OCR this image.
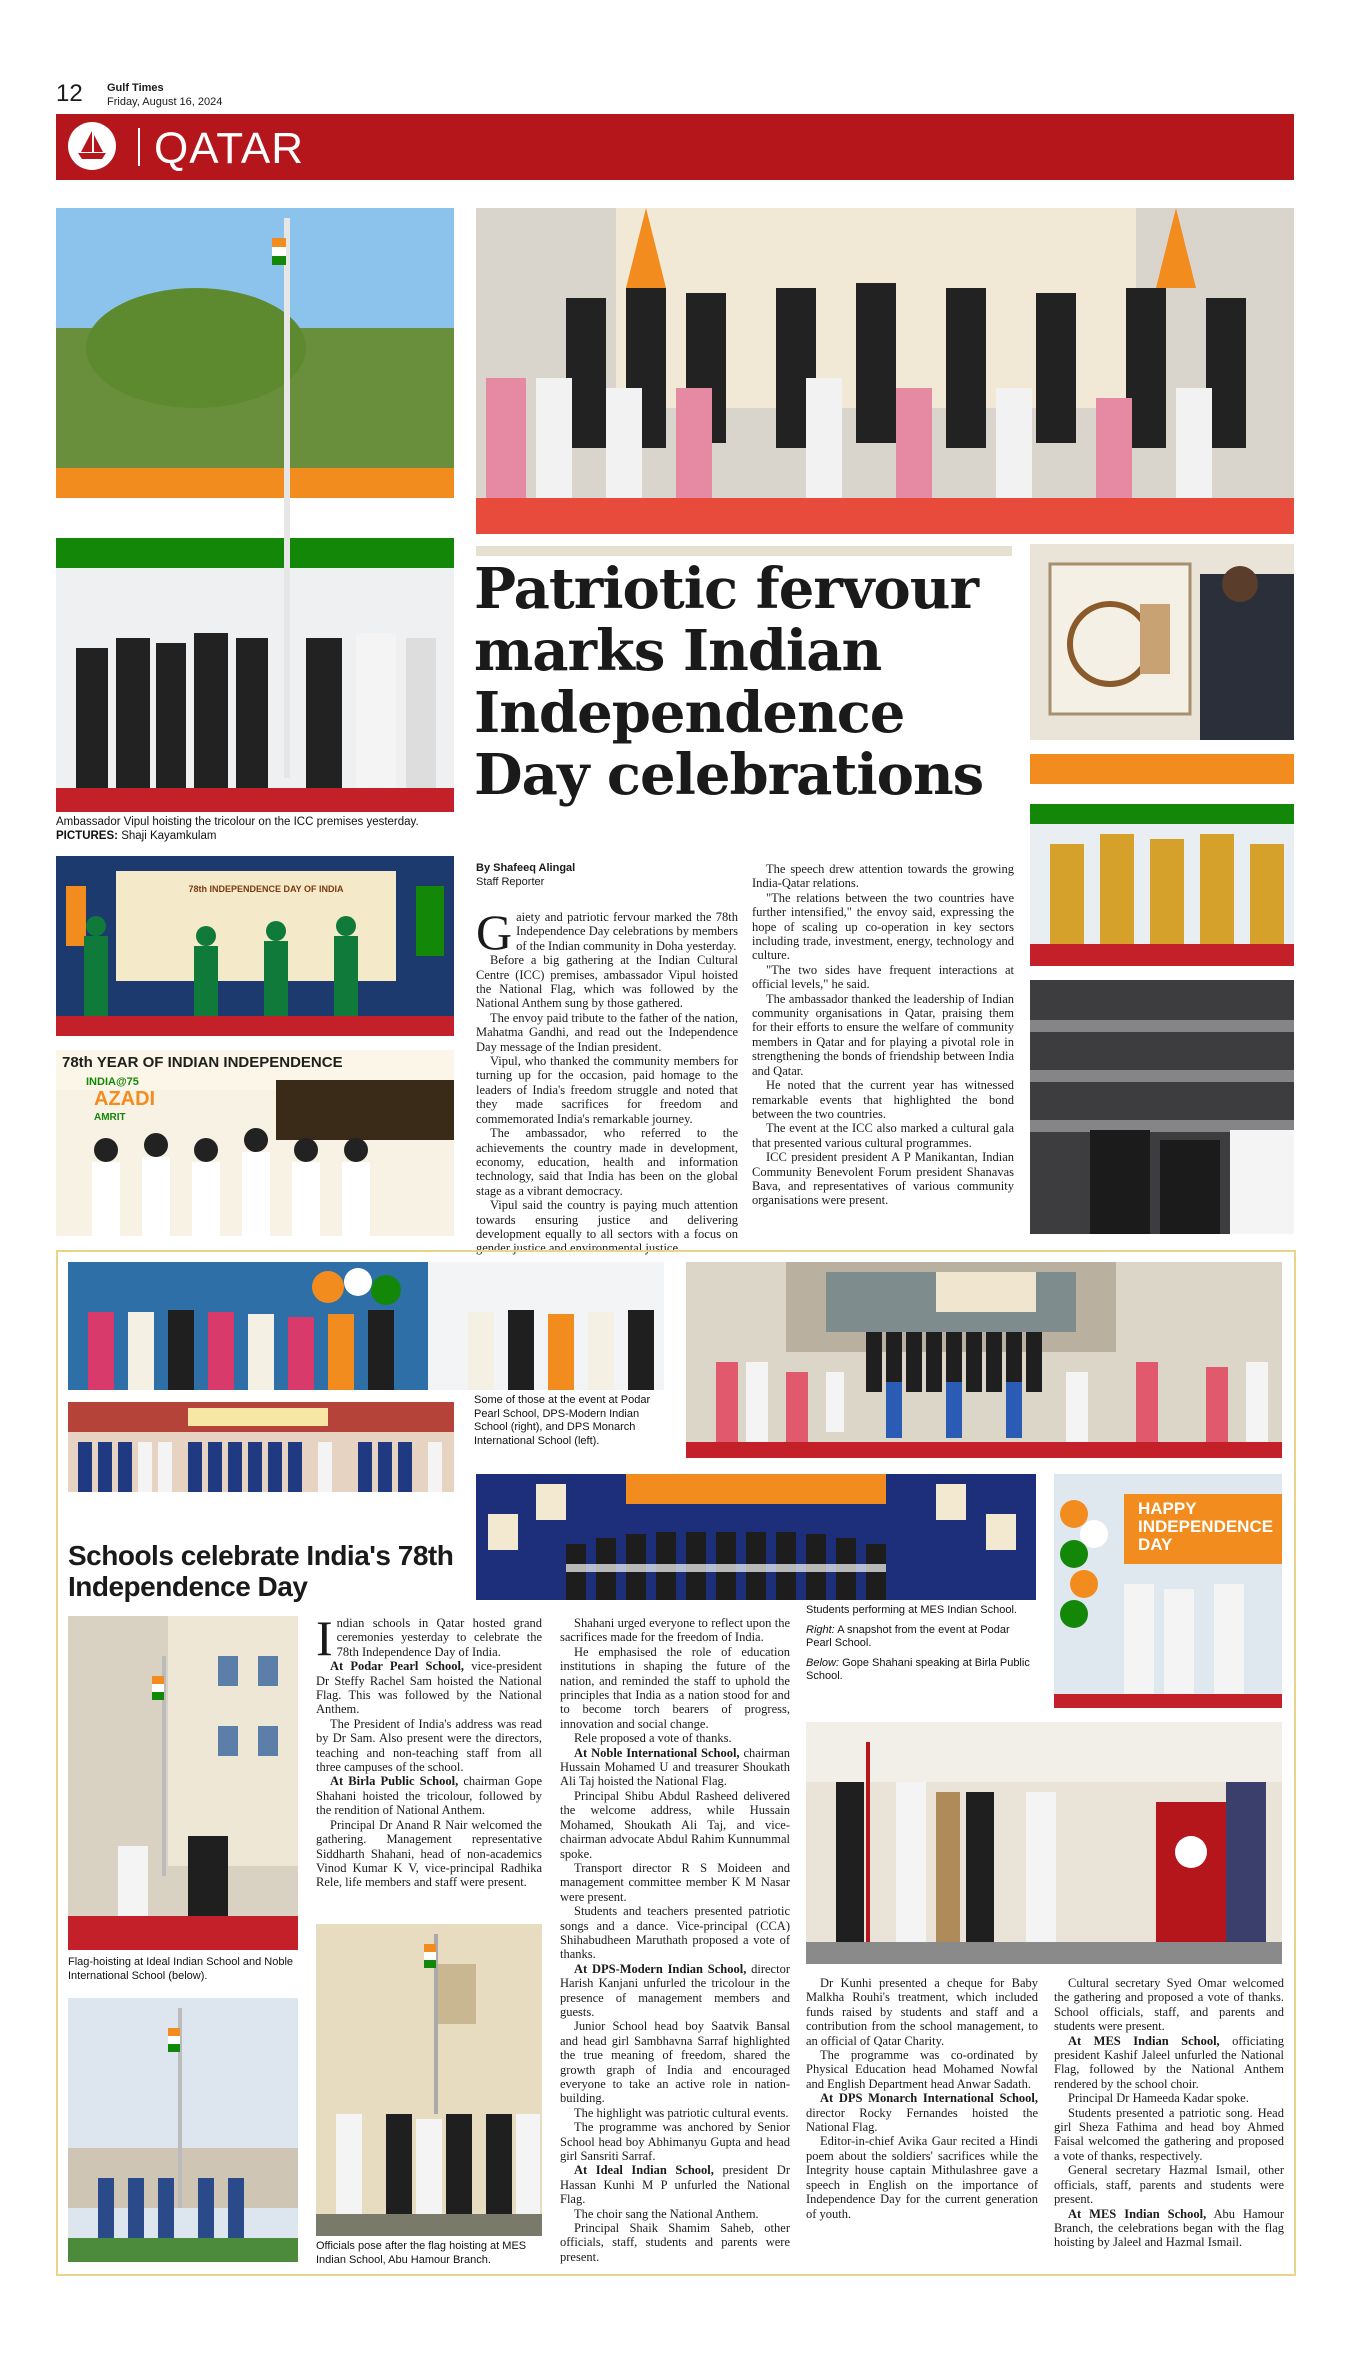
12 Gulf Times
Friday, August 16, 2024
QATAR
Ambassador Vipul hoisting the tricolour on the ICC premises yesterday.
PICTURES: Shaji Kayamkulam
78th INDEPENDENCE DAY OF INDIA
78th YEAR OF INDIAN INDEPENDENCE
INDIA@75
AZADI
AMRIT
Patriotic fervour marks Indian Independence Day celebrations
By Shafeeq Alingal
Staff Reporter

Gaiety and patriotic fervour marked the 78th Independence Day celebrations by members of the Indian community in Doha yesterday.

Before a big gathering at the Indian Cultural Centre (ICC) premises, ambassador Vipul hoisted the National Flag, which was followed by the National Anthem sung by those gathered.

The envoy paid tribute to the father of the nation, Mahatma Gandhi, and read out the Independence Day message of the Indian president.

Vipul, who thanked the community members for turning up for the occasion, paid homage to the leaders of India's freedom struggle and noted that they made sacrifices for freedom and commemorated India's remarkable journey.

The ambassador, who referred to the achievements the country made in development, economy, education, health and information technology, said that India has been on the global stage as a vibrant democracy.

Vipul said the country is paying much attention towards ensuring justice and delivering development equally to all sectors with a focus on gender justice and environmental justice.

The speech drew attention towards the growing India-Qatar relations.

"The relations between the two countries have further intensified," the envoy said, expressing the hope of scaling up co-operation in key sectors including trade, investment, energy, technology and culture.

"The two sides have frequent interactions at official levels," he said.

The ambassador thanked the leadership of Indian community organisations in Qatar, praising them for their efforts to ensure the welfare of community members in Qatar and for playing a pivotal role in strengthening the bonds of friendship between India and Qatar.

He noted that the current year has witnessed remarkable events that highlighted the bond between the two countries.

The event at the ICC also marked a cultural gala that presented various cultural programmes.

ICC president president A P Manikantan, Indian Community Benevolent Forum president Shanavas Bava, and representatives of various community organisations were present.

Some of those at the event at Podar Pearl School, DPS-Modern Indian School (right), and DPS Monarch International School (left).

Students performing at MES Indian School.

Right: A snapshot from the event at Podar Pearl School.

Below: Gope Shahani speaking at Birla Public School.

HAPPY INDEPENDENCE DAY
Schools celebrate India's 78th Independence Day
Flag-hoisting at Ideal Indian School and Noble International School (below).
Officials pose after the flag hoisting at MES Indian School, Abu Hamour Branch.

Indian schools in Qatar hosted grand ceremonies yesterday to celebrate the 78th Independence Day of India.

At Podar Pearl School, vice-president Dr Steffy Rachel Sam hoisted the National Flag. This was followed by the National Anthem.

The President of India's address was read by Dr Sam. Also present were the directors, teaching and non-teaching staff from all three campuses of the school.

At Birla Public School, chairman Gope Shahani hoisted the tricolour, followed by the rendition of National Anthem.

Principal Dr Anand R Nair welcomed the gathering. Management representative Siddharth Shahani, head of non-academics Vinod Kumar K V, vice-principal Radhika Rele, life members and staff were present.

Shahani urged everyone to reflect upon the sacrifices made for the freedom of India.

He emphasised the role of education institutions in shaping the future of the nation, and reminded the staff to uphold the principles that India as a nation stood for and to become torch bearers of progress, innovation and social change.

Rele proposed a vote of thanks.

At Noble International School, chairman Hussain Mohamed U and treasurer Shoukath Ali Taj hoisted the National Flag.

Principal Shibu Abdul Rasheed delivered the welcome address, while Hussain Mohamed, Shoukath Ali Taj, and vice-chairman advocate Abdul Rahim Kunnummal spoke.

Transport director R S Moideen and management committee member K M Nasar were present.

Students and teachers presented patriotic songs and a dance. Vice-principal (CCA) Shihabudheen Maruthath proposed a vote of thanks.

At DPS-Modern Indian School, director Harish Kanjani unfurled the tricolour in the presence of management members and guests.

Junior School head boy Saatvik Bansal and head girl Sambhavna Sarraf highlighted the true meaning of freedom, shared the growth graph of India and encouraged everyone to take an active role in nation-building.

The highlight was patriotic cultural events.

The programme was anchored by Senior School head boy Abhimanyu Gupta and head girl Sansriti Sarraf.

At Ideal Indian School, president Dr Hassan Kunhi M P unfurled the National Flag.

The choir sang the National Anthem.

Principal Shaik Shamim Saheb, other officials, staff, students and parents were present.

Dr Kunhi presented a cheque for Baby Malkha Rouhi's treatment, which included funds raised by students and staff and a contribution from the school management, to an official of Qatar Charity.

The programme was co-ordinated by Physical Education head Mohamed Nowfal and English Department head Anwar Sadath.

At DPS Monarch International School, director Rocky Fernandes hoisted the National Flag.

Editor-in-chief Avika Gaur recited a Hindi poem about the soldiers' sacrifices while the Integrity house captain Mithulashree gave a speech in English on the importance of Independence Day for the current generation of youth.

Cultural secretary Syed Omar welcomed the gathering and proposed a vote of thanks. School officials, staff, and parents and students were present.

At MES Indian School, officiating president Kashif Jaleel unfurled the National Flag, followed by the National Anthem rendered by the school choir.

Principal Dr Hameeda Kadar spoke.

Students presented a patriotic song. Head girl Sheza Fathima and head boy Ahmed Faisal welcomed the gathering and proposed a vote of thanks, respectively.

General secretary Hazmal Ismail, other officials, staff, parents and students were present.

At MES Indian School, Abu Hamour Branch, the celebrations began with the flag hoisting by Jaleel and Hazmal Ismail.
